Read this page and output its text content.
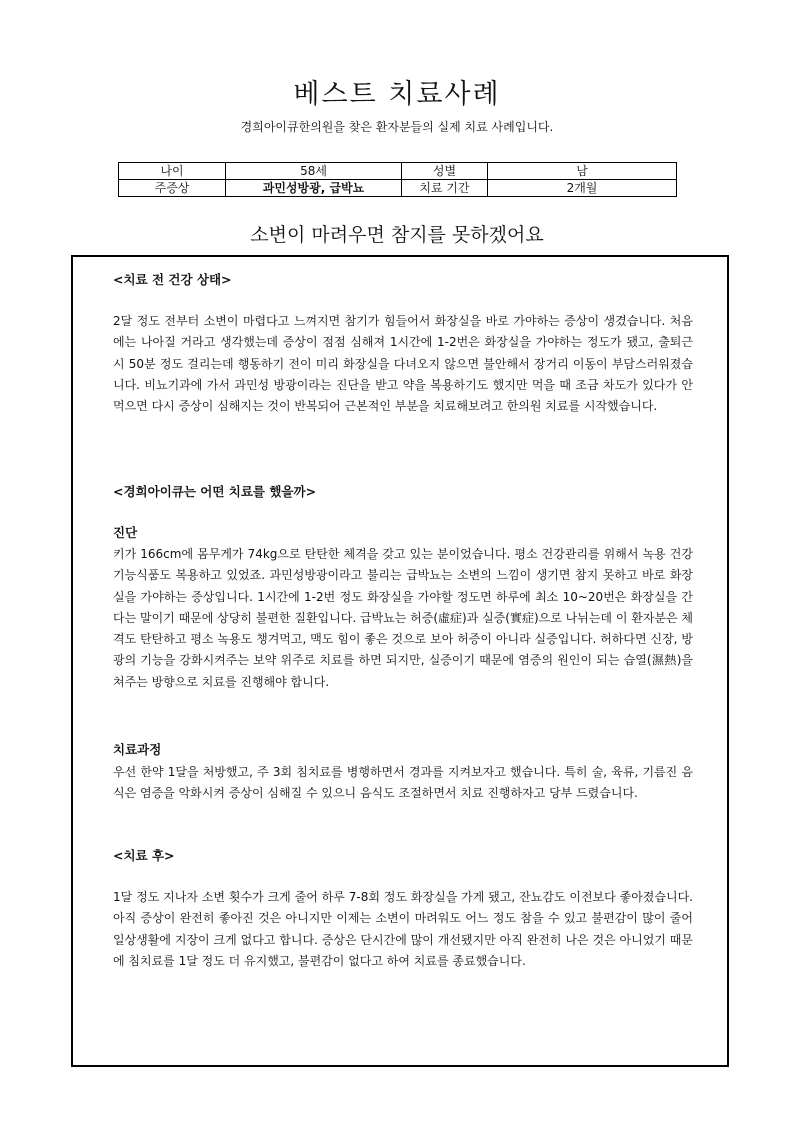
베스트 치료사례
경희아이큐한의원을 찾은 환자분들의 실제 치료 사례입니다.
나이	58세	성별	남
주증상	과민성방광, 급박뇨	치료 기간	2개월
소변이 마려우면 참지를 못하겠어요
<치료 전 건강 상태>

2달 정도 전부터 소변이 마렵다고 느껴지면 참기가 힘들어서 화장실을 바로 가야하는 증상이 생겼습니다. 처음에는 나아질 거라고 생각했는데 증상이 점점 심해져 1시간에 1-2번은 화장실을 가야하는 정도가 됐고, 출퇴근 시 50분 정도 걸리는데 행동하기 전이 미리 화장실을 다녀오지 않으면 불안해서 장거리 이동이 부담스러워졌습니다. 비뇨기과에 가서 과민성 방광이라는 진단을 받고 약을 복용하기도 했지만 먹을 때 조금 차도가 있다가 안 먹으면 다시 증상이 심해지는 것이 반복되어 근본적인 부분을 치료해보려고 한의원 치료를 시작했습니다.

<경희아이큐는 어떤 치료를 했을까>
진단

키가 166cm에 몸무게가 74kg으로 탄탄한 체격을 갖고 있는 분이었습니다. 평소 건강관리를 위해서 녹용 건강기능식품도 복용하고 있었죠. 과민성방광이라고 불리는 급박뇨는 소변의 느낌이 생기면 참지 못하고 바로 화장실을 가야하는 증상입니다. 1시간에 1-2번 정도 화장실을 가야할 정도면 하루에 최소 10~20번은 화장실을 간다는 말이기 때문에 상당히 불편한 질환입니다. 급박뇨는 허증(虛症)과 실증(實症)으로 나뉘는데 이 환자분은 체격도 탄탄하고 평소 녹용도 챙겨먹고, 맥도 힘이 좋은 것으로 보아 허증이 아니라 실증입니다. 허하다면 신장, 방광의 기능을 강화시켜주는 보약 위주로 치료를 하면 되지만, 실증이기 때문에 염증의 원인이 되는 습열(濕熱)을 쳐주는 방향으로 치료를 진행해야 합니다.

치료과정

우선 한약 1달을 처방했고, 주 3회 침치료를 병행하면서 경과를 지켜보자고 했습니다. 특히 술, 육류, 기름진 음식은 염증을 악화시켜 증상이 심해질 수 있으니 음식도 조절하면서 치료 진행하자고 당부 드렸습니다.

<치료 후>

1달 정도 지나자 소변 횟수가 크게 줄어 하루 7-8회 정도 화장실을 가게 됐고, 잔뇨감도 이전보다 좋아졌습니다. 아직 증상이 완전히 좋아진 것은 아니지만 이제는 소변이 마려워도 어느 정도 참을 수 있고 불편감이 많이 줄어 일상생활에 지장이 크게 없다고 합니다. 증상은 단시간에 많이 개선됐지만 아직 완전히 나은 것은 아니었기 때문에 침치료를 1달 정도 더 유지했고, 불편감이 없다고 하여 치료를 종료했습니다.
